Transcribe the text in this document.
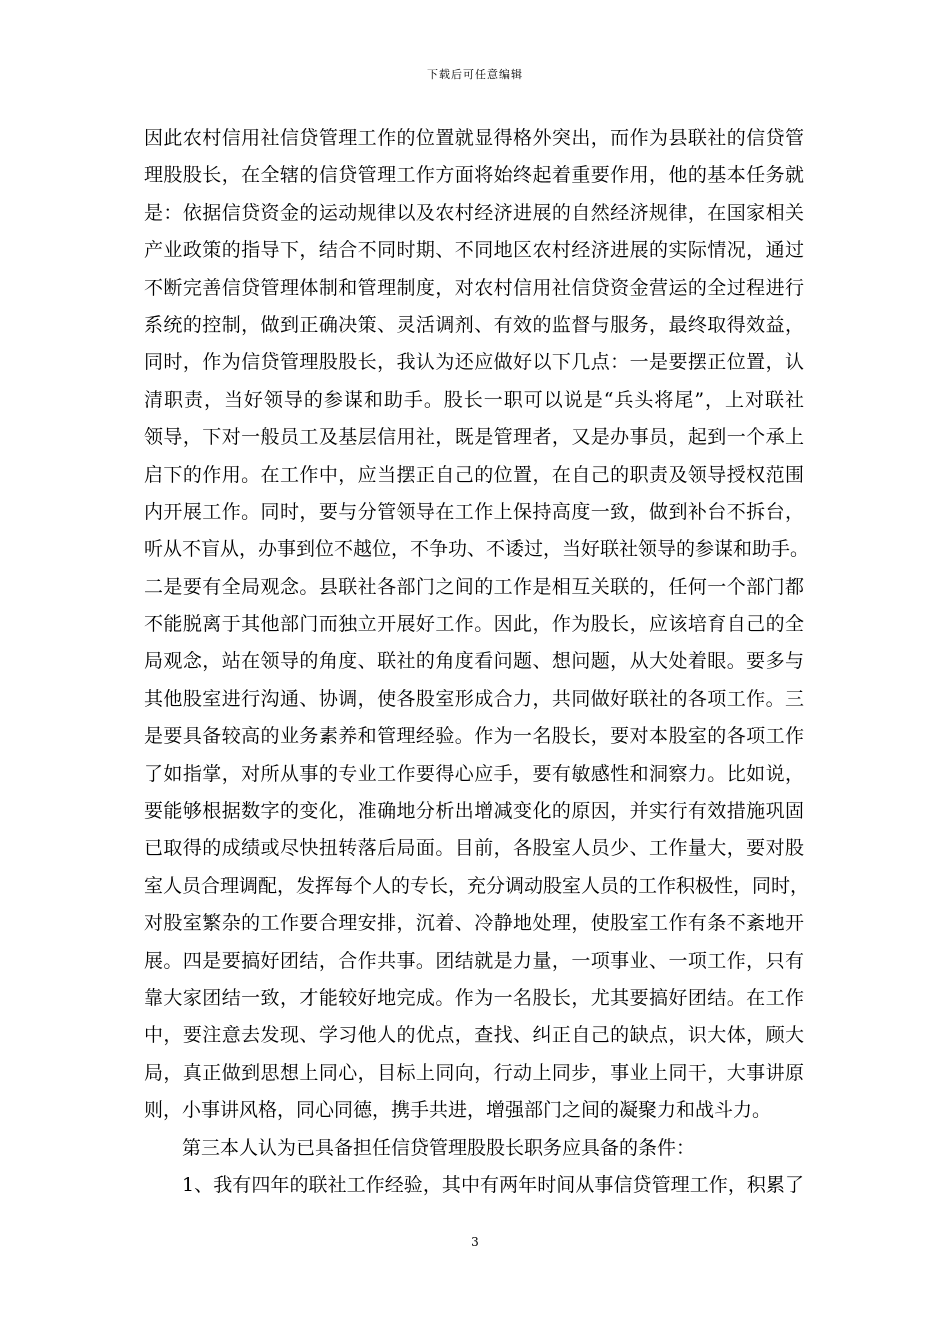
下载后可任意编辑
因此农村信用社信贷管理工作的位置就显得格外突出，而作为县联社的信贷管
理股股长，在全辖的信贷管理工作方面将始终起着重要作用，他的基本任务就
是：依据信贷资金的运动规律以及农村经济进展的自然经济规律，在国家相关
产业政策的指导下，结合不同时期、不同地区农村经济进展的实际情况，通过
不断完善信贷管理体制和管理制度，对农村信用社信贷资金营运的全过程进行
系统的控制，做到正确决策、灵活调剂、有效的监督与服务，最终取得效益，
同时，作为信贷管理股股长，我认为还应做好以下几点：一是要摆正位置，认
清职责，当好领导的参谋和助手。股长一职可以说是“兵头将尾”，上对联社
领导，下对一般员工及基层信用社，既是管理者，又是办事员，起到一个承上
启下的作用。在工作中，应当摆正自己的位置，在自己的职责及领导授权范围
内开展工作。同时，要与分管领导在工作上保持高度一致，做到补台不拆台，
听从不盲从，办事到位不越位，不争功、不诿过，当好联社领导的参谋和助手。
二是要有全局观念。县联社各部门之间的工作是相互关联的，任何一个部门都
不能脱离于其他部门而独立开展好工作。因此，作为股长，应该培育自己的全
局观念，站在领导的角度、联社的角度看问题、想问题，从大处着眼。要多与
其他股室进行沟通、协调，使各股室形成合力，共同做好联社的各项工作。三
是要具备较高的业务素养和管理经验。作为一名股长，要对本股室的各项工作
了如指掌，对所从事的专业工作要得心应手，要有敏感性和洞察力。比如说，
要能够根据数字的变化，准确地分析出增减变化的原因，并实行有效措施巩固
已取得的成绩或尽快扭转落后局面。目前，各股室人员少、工作量大，要对股
室人员合理调配，发挥每个人的专长，充分调动股室人员的工作积极性，同时，
对股室繁杂的工作要合理安排，沉着、冷静地处理，使股室工作有条不紊地开
展。四是要搞好团结，合作共事。团结就是力量，一项事业、一项工作，只有
靠大家团结一致，才能较好地完成。作为一名股长，尤其要搞好团结。在工作
中，要注意去发现、学习他人的优点，查找、纠正自己的缺点，识大体，顾大
局，真正做到思想上同心，目标上同向，行动上同步，事业上同干，大事讲原
则，小事讲风格，同心同德，携手共进，增强部门之间的凝聚力和战斗力。
第三本人认为已具备担任信贷管理股股长职务应具备的条件：
1、我有四年的联社工作经验，其中有两年时间从事信贷管理工作，积累了
3
